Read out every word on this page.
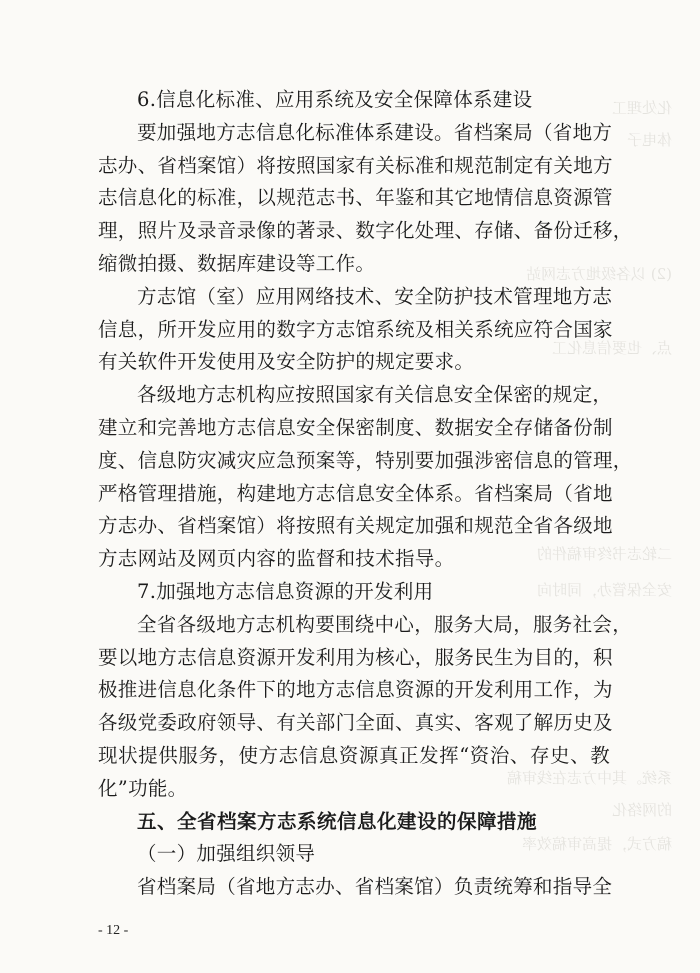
化处理工
体电子
(2) 以各级地方志网站
点、也要信息化工
二轮志书终审稿件的
安全保管办，同时向
系统。其中方志在线审稿
的网络化
稿方式，提高审稿效率
6.信息化标准、应用系统及安全保障体系建设
要加强地方志信息化标准体系建设。省档案局（省地方
志办、省档案馆）将按照国家有关标准和规范制定有关地方
志信息化的标准，以规范志书、年鉴和其它地情信息资源管
理，照片及录音录像的著录、数字化处理、存储、备份迁移，
缩微拍摄、数据库建设等工作。
方志馆（室）应用网络技术、安全防护技术管理地方志
信息，所开发应用的数字方志馆系统及相关系统应符合国家
有关软件开发使用及安全防护的规定要求。
各级地方志机构应按照国家有关信息安全保密的规定，
建立和完善地方志信息安全保密制度、数据安全存储备份制
度、信息防灾减灾应急预案等，特别要加强涉密信息的管理，
严格管理措施，构建地方志信息安全体系。省档案局（省地
方志办、省档案馆）将按照有关规定加强和规范全省各级地
方志网站及网页内容的监督和技术指导。
7.加强地方志信息资源的开发利用
全省各级地方志机构要围绕中心，服务大局，服务社会，
要以地方志信息资源开发利用为核心，服务民生为目的，积
极推进信息化条件下的地方志信息资源的开发利用工作，为
各级党委政府领导、有关部门全面、真实、客观了解历史及
现状提供服务，使方志信息资源真正发挥“资治、存史、教
化”功能。
五、全省档案方志系统信息化建设的保障措施
（一）加强组织领导
省档案局（省地方志办、省档案馆）负责统筹和指导全
- 12 -
